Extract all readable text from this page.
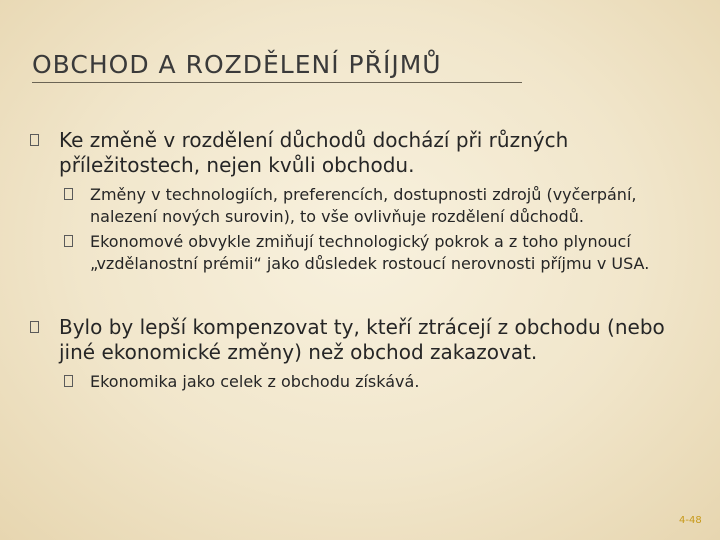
OBCHOD A ROZDĚLENÍ PŘÍJMŮ
Ke změně v rozdělení důchodů dochází při různých příležitostech, nejen kvůli obchodu.
Změny v technologiích, preferencích, dostupnosti zdrojů (vyčerpání, nalezení nových surovin), to vše ovlivňuje rozdělení důchodů.
Ekonomové obvykle zmiňují technologický pokrok a z toho plynoucí „vzdělanostní prémii“ jako důsledek rostoucí nerovnosti příjmu v USA.
Bylo by lepší kompenzovat ty, kteří ztrácejí z obchodu (nebo jiné ekonomické změny) než obchod zakazovat.
Ekonomika jako celek z obchodu získává.
4-48
